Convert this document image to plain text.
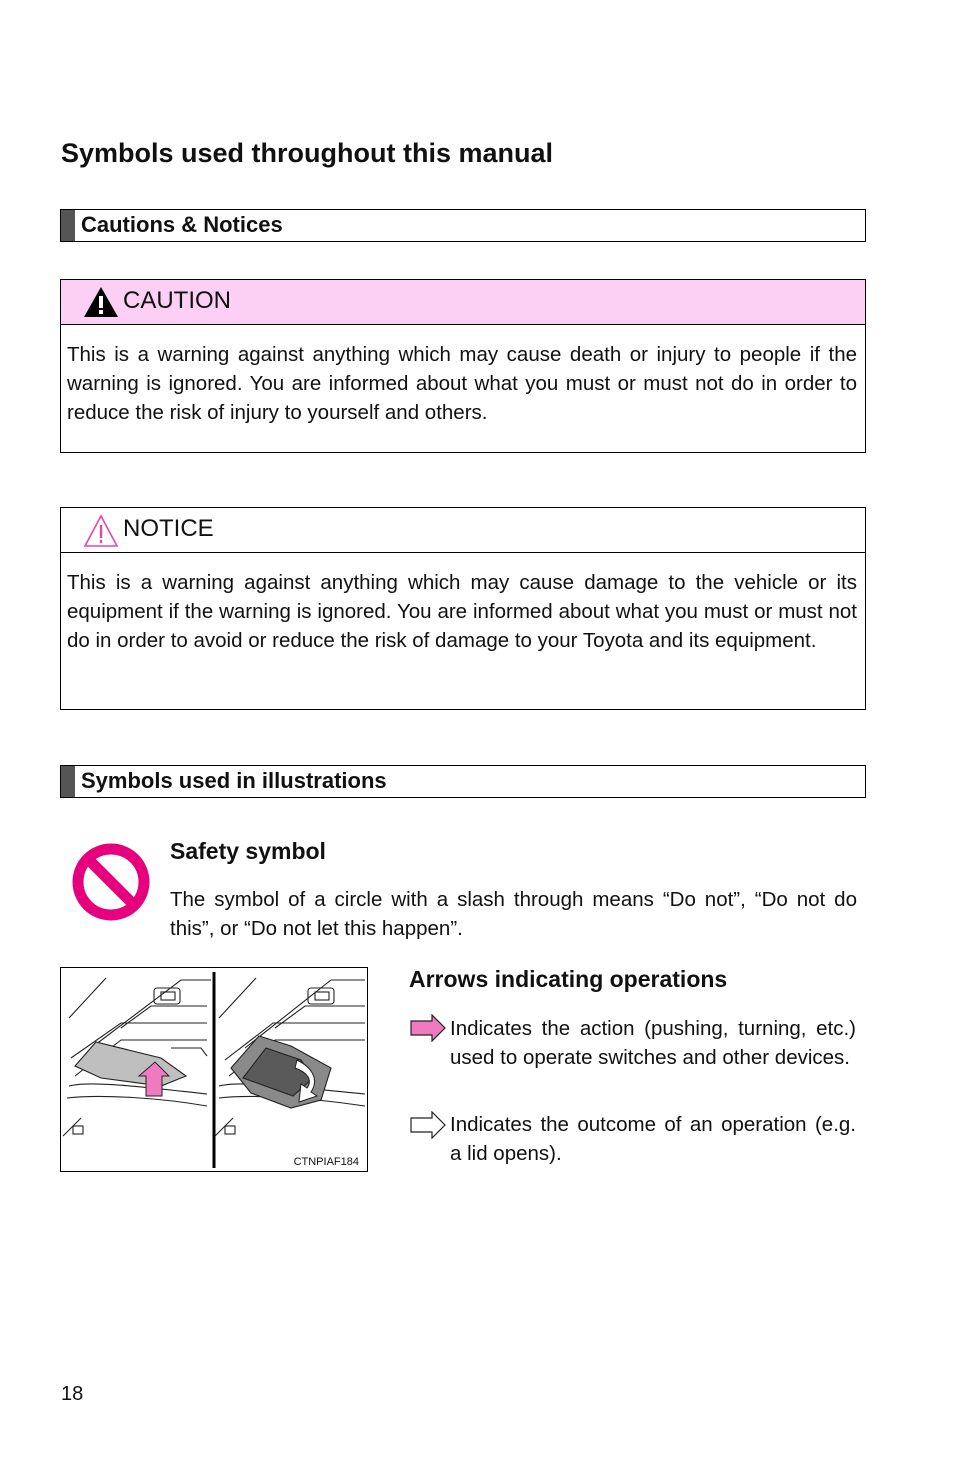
Symbols used throughout this manual
Cautions & Notices
CAUTION
This is a warning against anything which may cause death or injury to people if the warning is ignored. You are informed about what you must or must not do in order to reduce the risk of injury to yourself and others.
NOTICE
This is a warning against anything which may cause damage to the vehicle or its equipment if the warning is ignored. You are informed about what you must or must not do in order to avoid or reduce the risk of damage to your Toyota and its equipment.
Symbols used in illustrations
Safety symbol

The symbol of a circle with a slash through means “Do not”, “Do not do this”, or “Do not let this happen”.

CTNPIAF184
Arrows indicating operations

Indicates the action (pushing, turning, etc.) used to operate switches and other devices.

Indicates the outcome of an operation (e.g. a lid opens).

18
